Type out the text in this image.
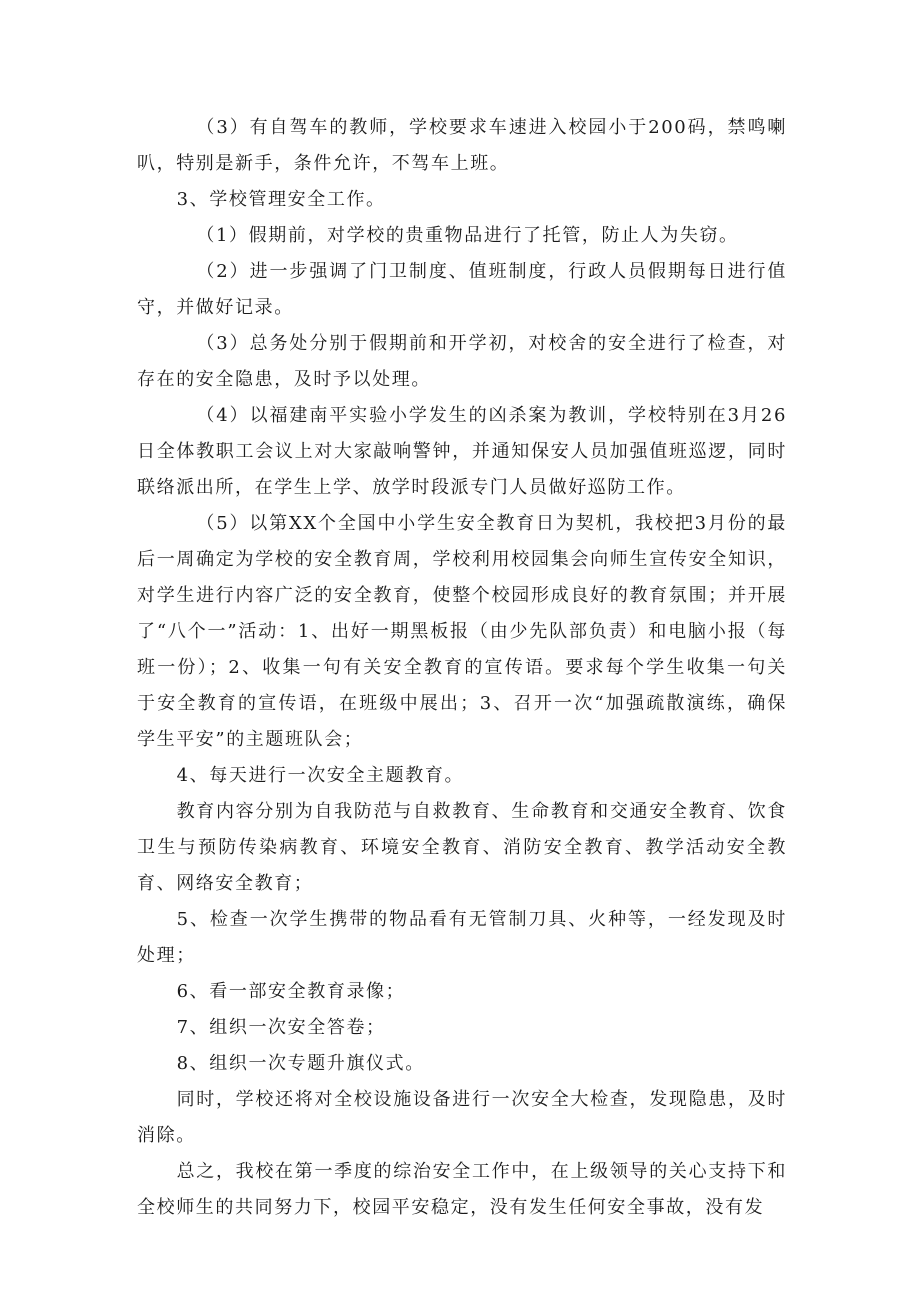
（3）有自驾车的教师，学校要求车速进入校园小于200码，禁鸣喇叭，特别是新手，条件允许，不驾车上班。

3、学校管理安全工作。

（1）假期前，对学校的贵重物品进行了托管，防止人为失窃。

（2）进一步强调了门卫制度、值班制度，行政人员假期每日进行值守，并做好记录。

（3）总务处分别于假期前和开学初，对校舍的安全进行了检查，对存在的安全隐患，及时予以处理。

（4）以福建南平实验小学发生的凶杀案为教训，学校特别在3月26日全体教职工会议上对大家敲响警钟，并通知保安人员加强值班巡逻，同时联络派出所，在学生上学、放学时段派专门人员做好巡防工作。

（5）以第XX个全国中小学生安全教育日为契机，我校把3月份的最后一周确定为学校的安全教育周，学校利用校园集会向师生宣传安全知识，对学生进行内容广泛的安全教育，使整个校园形成良好的教育氛围；并开展了“八个一”活动：1、出好一期黑板报（由少先队部负责）和电脑小报（每班一份）；2、收集一句有关安全教育的宣传语。要求每个学生收集一句关于安全教育的宣传语，在班级中展出；3、召开一次“加强疏散演练，确保学生平安”的主题班队会；

4、每天进行一次安全主题教育。

教育内容分别为自我防范与自救教育、生命教育和交通安全教育、饮食卫生与预防传染病教育、环境安全教育、消防安全教育、教学活动安全教育、网络安全教育；

5、检查一次学生携带的物品看有无管制刀具、火种等，一经发现及时处理；

6、看一部安全教育录像；

7、组织一次安全答卷；

8、组织一次专题升旗仪式。

同时，学校还将对全校设施设备进行一次安全大检查，发现隐患，及时消除。

总之，我校在第一季度的综治安全工作中，在上级领导的关心支持下和全校师生的共同努力下，校园平安稳定，没有发生任何安全事故，没有发
